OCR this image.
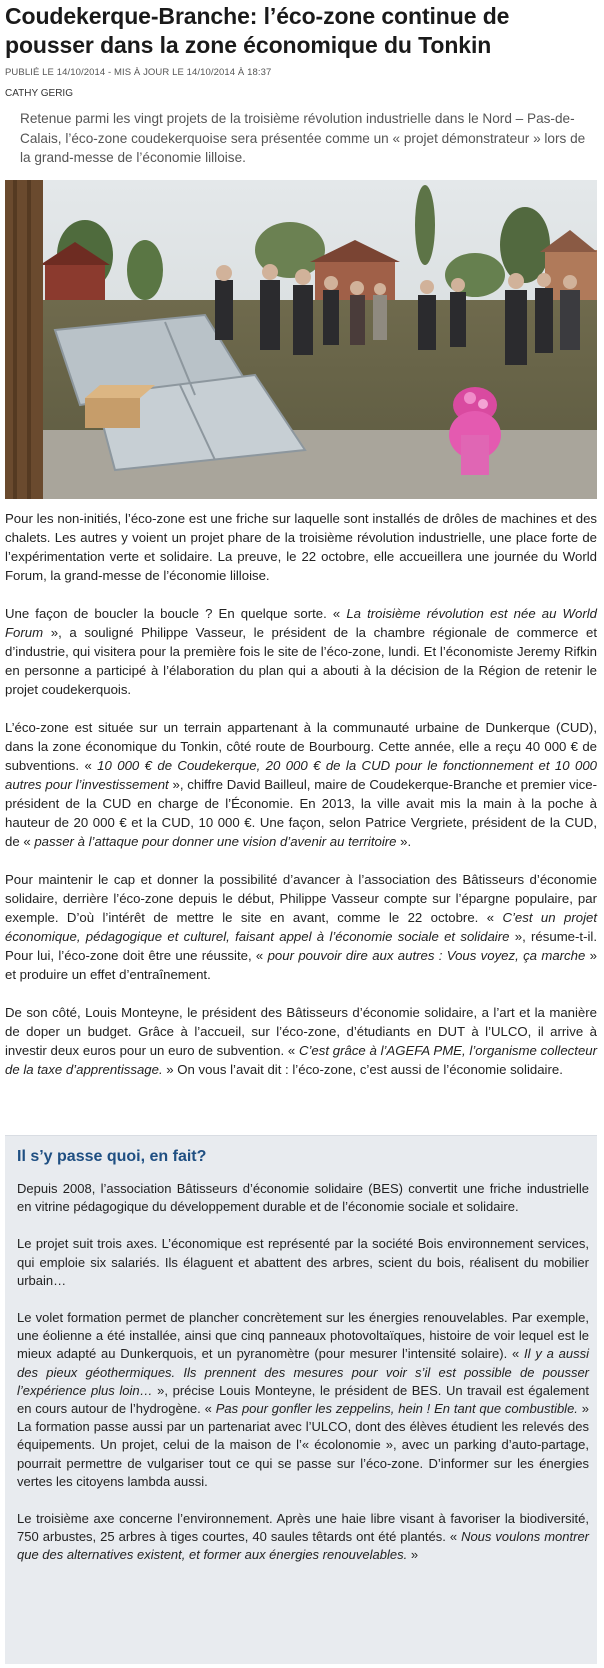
Coudekerque-Branche: l’éco-zone continue de pousser dans la zone économique du Tonkin

PUBLIÉ LE 14/10/2014 - MIS À JOUR LE 14/10/2014 À 18:37

CATHY GERIG

Retenue parmi les vingt projets de la troisième révolution industrielle dans le Nord – Pas-de-Calais, l’éco-zone coudekerquoise sera présentée comme un « projet démonstrateur » lors de la grand-messe de l’économie lilloise.

Pour les non-initiés, l’éco-zone est une friche sur laquelle sont installés de drôles de machines et des chalets. Les autres y voient un projet phare de la troisième révolution industrielle, une place forte de l’expérimentation verte et solidaire. La preuve, le 22 octobre, elle accueillera une journée du World Forum, la grand-messe de l’économie lilloise.

Une façon de boucler la boucle ? En quelque sorte. « La troisième révolution est née au World Forum », a souligné Philippe Vasseur, le président de la chambre régionale de commerce et d’industrie, qui visitera pour la première fois le site de l’éco-zone, lundi. Et l’économiste Jeremy Rifkin en personne a participé à l’élaboration du plan qui a abouti à la décision de la Région de retenir le projet coudekerquois.

L’éco-zone est située sur un terrain appartenant à la communauté urbaine de Dunkerque (CUD), dans la zone économique du Tonkin, côté route de Bourbourg. Cette année, elle a reçu 40 000 € de subventions. « 10 000 € de Coudekerque, 20 000 € de la CUD pour le fonctionnement et 10 000 autres pour l’investissement », chiffre David Bailleul, maire de Coudekerque-Branche et premier vice-président de la CUD en charge de l’Économie. En 2013, la ville avait mis la main à la poche à hauteur de 20 000 € et la CUD, 10 000 €. Une façon, selon Patrice Vergriete, président de la CUD, de « passer à l’attaque pour donner une vision d’avenir au territoire ».

Pour maintenir le cap et donner la possibilité d’avancer à l’association des Bâtisseurs d’économie solidaire, derrière l’éco-zone depuis le début, Philippe Vasseur compte sur l’épargne populaire, par exemple. D’où l’intérêt de mettre le site en avant, comme le 22 octobre. « C’est un projet économique, pédagogique et culturel, faisant appel à l’économie sociale et solidaire », résume-t-il. Pour lui, l’éco-zone doit être une réussite, « pour pouvoir dire aux autres : Vous voyez, ça marche » et produire un effet d’entraînement.

De son côté, Louis Monteyne, le président des Bâtisseurs d’économie solidaire, a l’art et la manière de doper un budget. Grâce à l’accueil, sur l’éco-zone, d’étudiants en DUT à l’ULCO, il arrive à investir deux euros pour un euro de subvention. « C’est grâce à l’AGEFA PME, l’organisme collecteur de la taxe d’apprentissage. » On vous l’avait dit : l’éco-zone, c’est aussi de l’économie solidaire.

Il s’y passe quoi, en fait?

Depuis 2008, l’association Bâtisseurs d’économie solidaire (BES) convertit une friche industrielle en vitrine pédagogique du développement durable et de l’économie sociale et solidaire.

Le projet suit trois axes. L’économique est représenté par la société Bois environnement services, qui emploie six salariés. Ils élaguent et abattent des arbres, scient du bois, réalisent du mobilier urbain…

Le volet formation permet de plancher concrètement sur les énergies renouvelables. Par exemple, une éolienne a été installée, ainsi que cinq panneaux photovoltaïques, histoire de voir lequel est le mieux adapté au Dunkerquois, et un pyranomètre (pour mesurer l’intensité solaire). « Il y a aussi des pieux géothermiques. Ils prennent des mesures pour voir s’il est possible de pousser l’expérience plus loin… », précise Louis Monteyne, le président de BES. Un travail est également en cours autour de l’hydrogène. « Pas pour gonfler les zeppelins, hein ! En tant que combustible. » La formation passe aussi par un partenariat avec l’ULCO, dont des élèves étudient les relevés des équipements. Un projet, celui de la maison de l’« écolonomie », avec un parking d’auto-partage, pourrait permettre de vulgariser tout ce qui se passe sur l’éco-zone. D’informer sur les énergies vertes les citoyens lambda aussi.

Le troisième axe concerne l’environnement. Après une haie libre visant à favoriser la biodiversité, 750 arbustes, 25 arbres à tiges courtes, 40 saules têtards ont été plantés. « Nous voulons montrer que des alternatives existent, et former aux énergies renouvelables. »
